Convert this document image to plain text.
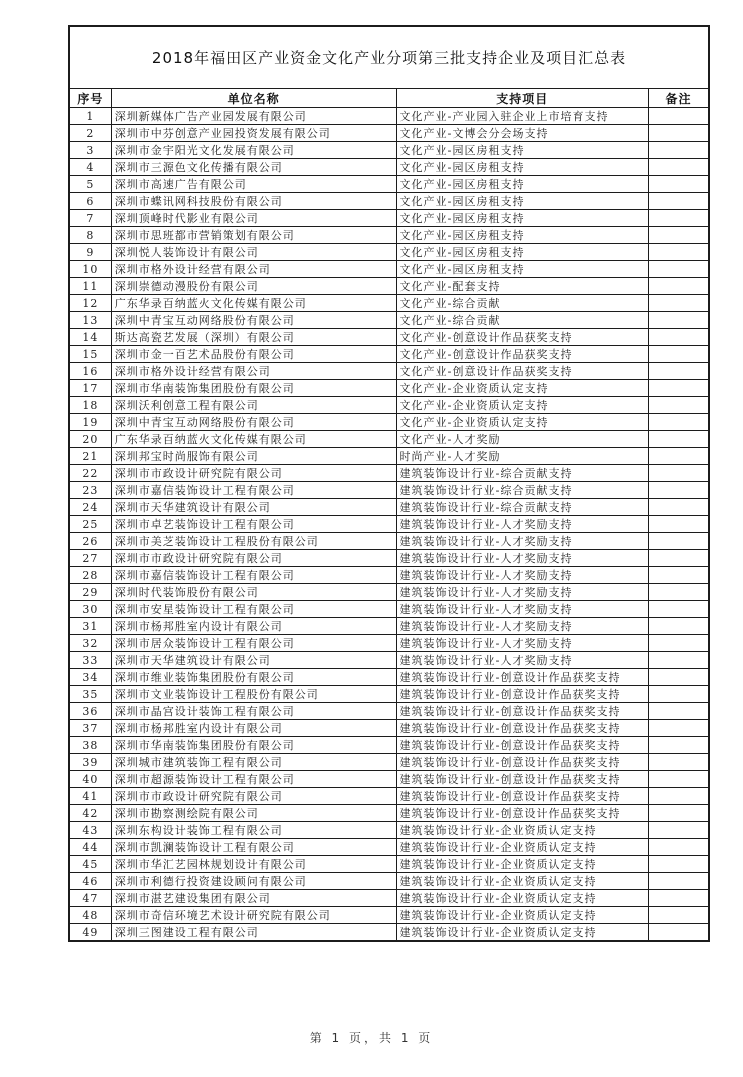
2018年福田区产业资金文化产业分项第三批支持企业及项目汇总表			
序号	单位名称	支持项目	备注
1	深圳新媒体广告产业园发展有限公司	文化产业-产业园入驻企业上市培育支持	
2	深圳市中芬创意产业园投资发展有限公司	文化产业-文博会分会场支持	
3	深圳市金宇阳光文化发展有限公司	文化产业-园区房租支持	
4	深圳市三源色文化传播有限公司	文化产业-园区房租支持	
5	深圳市高速广告有限公司	文化产业-园区房租支持	
6	深圳市蝶讯网科技股份有限公司	文化产业-园区房租支持	
7	深圳顶峰时代影业有限公司	文化产业-园区房租支持	
8	深圳市思班都市营销策划有限公司	文化产业-园区房租支持	
9	深圳悦人装饰设计有限公司	文化产业-园区房租支持	
10	深圳市格外设计经营有限公司	文化产业-园区房租支持	
11	深圳崇德动漫股份有限公司	文化产业-配套支持	
12	广东华录百纳蓝火文化传媒有限公司	文化产业-综合贡献	
13	深圳中青宝互动网络股份有限公司	文化产业-综合贡献	
14	斯达高瓷艺发展（深圳）有限公司	文化产业-创意设计作品获奖支持	
15	深圳市金一百艺术品股份有限公司	文化产业-创意设计作品获奖支持	
16	深圳市格外设计经营有限公司	文化产业-创意设计作品获奖支持	
17	深圳市华南装饰集团股份有限公司	文化产业-企业资质认定支持	
18	深圳沃利创意工程有限公司	文化产业-企业资质认定支持	
19	深圳中青宝互动网络股份有限公司	文化产业-企业资质认定支持	
20	广东华录百纳蓝火文化传媒有限公司	文化产业-人才奖励	
21	深圳邦宝时尚服饰有限公司	时尚产业-人才奖励	
22	深圳市市政设计研究院有限公司	建筑装饰设计行业-综合贡献支持	
23	深圳市嘉信装饰设计工程有限公司	建筑装饰设计行业-综合贡献支持	
24	深圳市天华建筑设计有限公司	建筑装饰设计行业-综合贡献支持	
25	深圳市卓艺装饰设计工程有限公司	建筑装饰设计行业-人才奖励支持	
26	深圳市美芝装饰设计工程股份有限公司	建筑装饰设计行业-人才奖励支持	
27	深圳市市政设计研究院有限公司	建筑装饰设计行业-人才奖励支持	
28	深圳市嘉信装饰设计工程有限公司	建筑装饰设计行业-人才奖励支持	
29	深圳时代装饰股份有限公司	建筑装饰设计行业-人才奖励支持	
30	深圳市安星装饰设计工程有限公司	建筑装饰设计行业-人才奖励支持	
31	深圳市杨邦胜室内设计有限公司	建筑装饰设计行业-人才奖励支持	
32	深圳市居众装饰设计工程有限公司	建筑装饰设计行业-人才奖励支持	
33	深圳市天华建筑设计有限公司	建筑装饰设计行业-人才奖励支持	
34	深圳市维业装饰集团股份有限公司	建筑装饰设计行业-创意设计作品获奖支持	
35	深圳市文业装饰设计工程股份有限公司	建筑装饰设计行业-创意设计作品获奖支持	
36	深圳市晶宫设计装饰工程有限公司	建筑装饰设计行业-创意设计作品获奖支持	
37	深圳市杨邦胜室内设计有限公司	建筑装饰设计行业-创意设计作品获奖支持	
38	深圳市华南装饰集团股份有限公司	建筑装饰设计行业-创意设计作品获奖支持	
39	深圳城市建筑装饰工程有限公司	建筑装饰设计行业-创意设计作品获奖支持	
40	深圳市超源装饰设计工程有限公司	建筑装饰设计行业-创意设计作品获奖支持	
41	深圳市市政设计研究院有限公司	建筑装饰设计行业-创意设计作品获奖支持	
42	深圳市勘察测绘院有限公司	建筑装饰设计行业-创意设计作品获奖支持	
43	深圳东构设计装饰工程有限公司	建筑装饰设计行业-企业资质认定支持	
44	深圳市凯澜装饰设计工程有限公司	建筑装饰设计行业-企业资质认定支持	
45	深圳市华汇艺园林规划设计有限公司	建筑装饰设计行业-企业资质认定支持	
46	深圳市利德行投资建设顾问有限公司	建筑装饰设计行业-企业资质认定支持	
47	深圳市湛艺建设集团有限公司	建筑装饰设计行业-企业资质认定支持	
48	深圳市奇信环境艺术设计研究院有限公司	建筑装饰设计行业-企业资质认定支持	
49	深圳三图建设工程有限公司	建筑装饰设计行业-企业资质认定支持	
第 1 页，共 1 页
